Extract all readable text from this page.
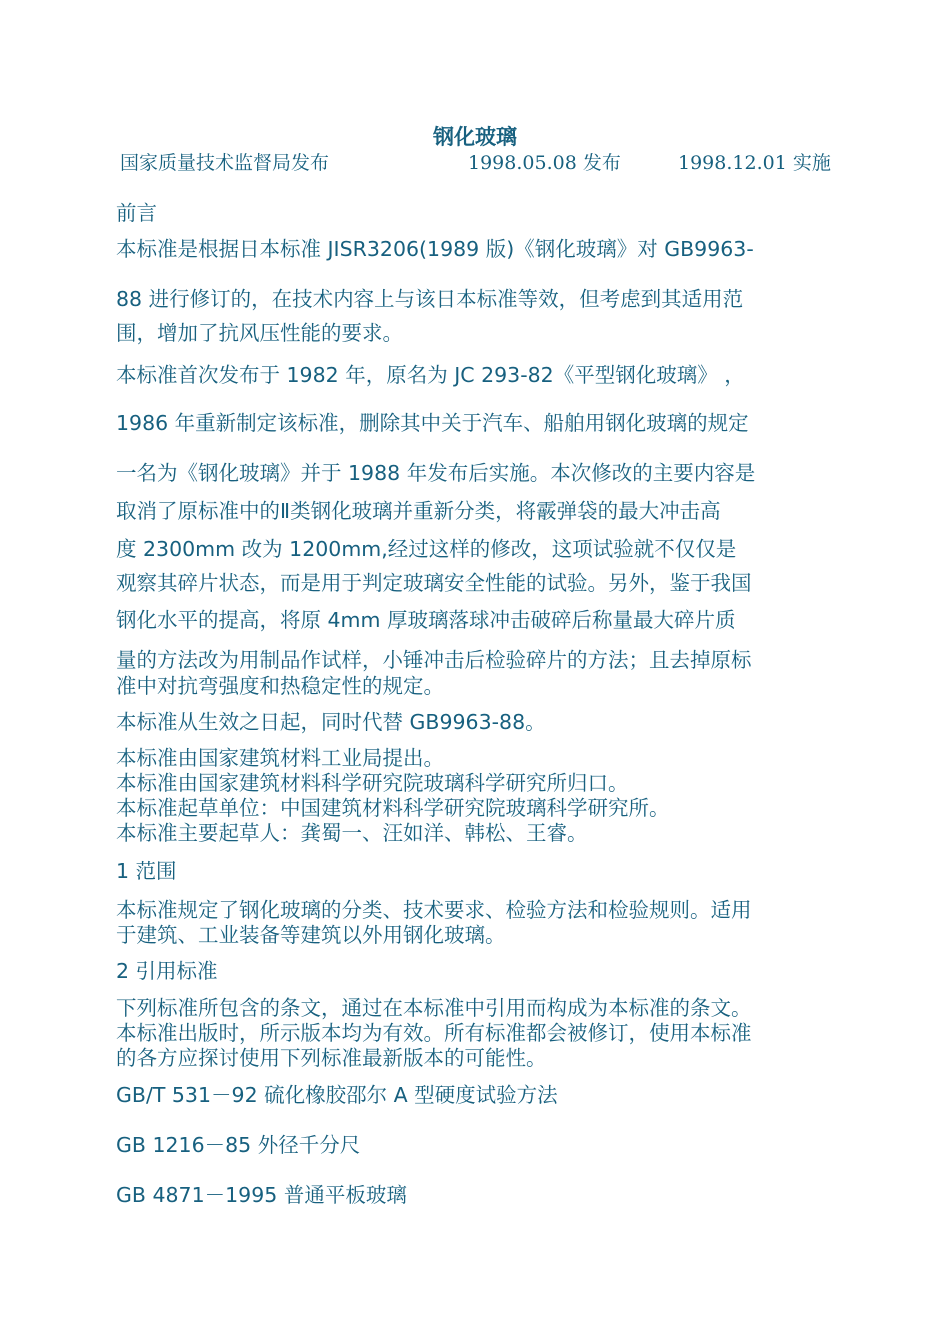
钢化玻璃
国家质量技术监督局发布	1998.05.08 发布	1998.12.01 实施
前言
本标准是根据日本标准 JISR3206(1989 版)《钢化玻璃》对 GB9963-
88 进行修订的，在技术内容上与该日本标准等效，但考虑到其适用范
围，增加了抗风压性能的要求。
本标准首次发布于 1982 年，原名为 JC 293-82《平型钢化玻璃》 ，
1986 年重新制定该标准，删除其中关于汽车、船舶用钢化玻璃的规定
一名为《钢化玻璃》并于 1988 年发布后实施。本次修改的主要内容是
取消了原标准中的Ⅱ类钢化玻璃并重新分类，将霰弹袋的最大冲击高
度 2300mm 改为 1200mm,经过这样的修改，这项试验就不仅仅是
观察其碎片状态，而是用于判定玻璃安全性能的试验。另外，鉴于我国
钢化水平的提高，将原 4mm 厚玻璃落球冲击破碎后称量最大碎片质
量的方法改为用制品作试样，小锤冲击后检验碎片的方法；且去掉原标
准中对抗弯强度和热稳定性的规定。
本标准从生效之日起，同时代替 GB9963-88。
本标准由国家建筑材料工业局提出。
本标准由国家建筑材料科学研究院玻璃科学研究所归口。
本标准起草单位：中国建筑材料科学研究院玻璃科学研究所。
本标准主要起草人：龚蜀一、汪如洋、韩松、王睿。
1 范围
本标准规定了钢化玻璃的分类、技术要求、检验方法和检验规则。适用
于建筑、工业装备等建筑以外用钢化玻璃。
2 引用标准
下列标准所包含的条文，通过在本标准中引用而构成为本标准的条文。
本标准出版时，所示版本均为有效。所有标准都会被修订，使用本标准
的各方应探讨使用下列标准最新版本的可能性。
GB/T 531－92 硫化橡胶邵尔 A 型硬度试验方法
GB 1216－85 外径千分尺
GB 4871－1995 普通平板玻璃
